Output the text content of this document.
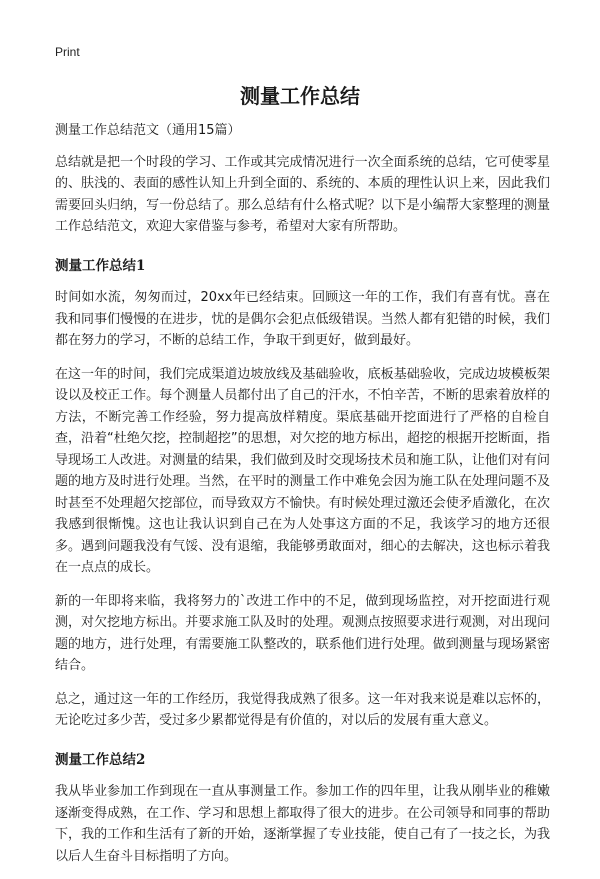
Print
测量工作总结

测量工作总结范文（通用15篇）

总结就是把一个时段的学习、工作或其完成情况进行一次全面系统的总结，它可使零星的、肤浅的、表面的感性认知上升到全面的、系统的、本质的理性认识上来，因此我们需要回头归纳，写一份总结了。那么总结有什么格式呢？以下是小编帮大家整理的测量工作总结范文，欢迎大家借鉴与参考，希望对大家有所帮助。

测量工作总结1

时间如水流，匆匆而过，20xx年已经结束。回顾这一年的工作，我们有喜有忧。喜在我和同事们慢慢的在进步，忧的是偶尔会犯点低级错误。当然人都有犯错的时候，我们都在努力的学习，不断的总结工作，争取干到更好，做到最好。

在这一年的时间，我们完成渠道边坡放线及基础验收，底板基础验收，完成边坡模板架设以及校正工作。每个测量人员都付出了自己的汗水，不怕辛苦，不断的思索着放样的方法，不断完善工作经验，努力提高放样精度。渠底基础开挖面进行了严格的自检自查，沿着“杜绝欠挖，控制超挖”的思想，对欠挖的地方标出，超挖的根据开挖断面，指导现场工人改进。对测量的结果，我们做到及时交现场技术员和施工队，让他们对有问题的地方及时进行处理。当然，在平时的测量工作中难免会因为施工队在处理问题不及时甚至不处理超欠挖部位，而导致双方不愉快。有时候处理过激还会使矛盾激化，在次我感到很惭愧。这也让我认识到自己在为人处事这方面的不足，我该学习的地方还很多。遇到问题我没有气馁、没有退缩，我能够勇敢面对，细心的去解决，这也标示着我在一点点的成长。

新的一年即将来临，我将努力的`改进工作中的不足，做到现场监控，对开挖面进行观测，对欠挖地方标出。并要求施工队及时的处理。观测点按照要求进行观测，对出现问题的地方，进行处理，有需要施工队整改的，联系他们进行处理。做到测量与现场紧密结合。

总之，通过这一年的工作经历，我觉得我成熟了很多。这一年对我来说是难以忘怀的，无论吃过多少苦，受过多少累都觉得是有价值的，对以后的发展有重大意义。

测量工作总结2

我从毕业参加工作到现在一直从事测量工作。参加工作的四年里，让我从刚毕业的稚嫩逐渐变得成熟，在工作、学习和思想上都取得了很大的进步。在公司领导和同事的帮助下，我的工作和生活有了新的开始，逐渐掌握了专业技能，使自己有了一技之长，为我以后人生奋斗目标指明了方向。
